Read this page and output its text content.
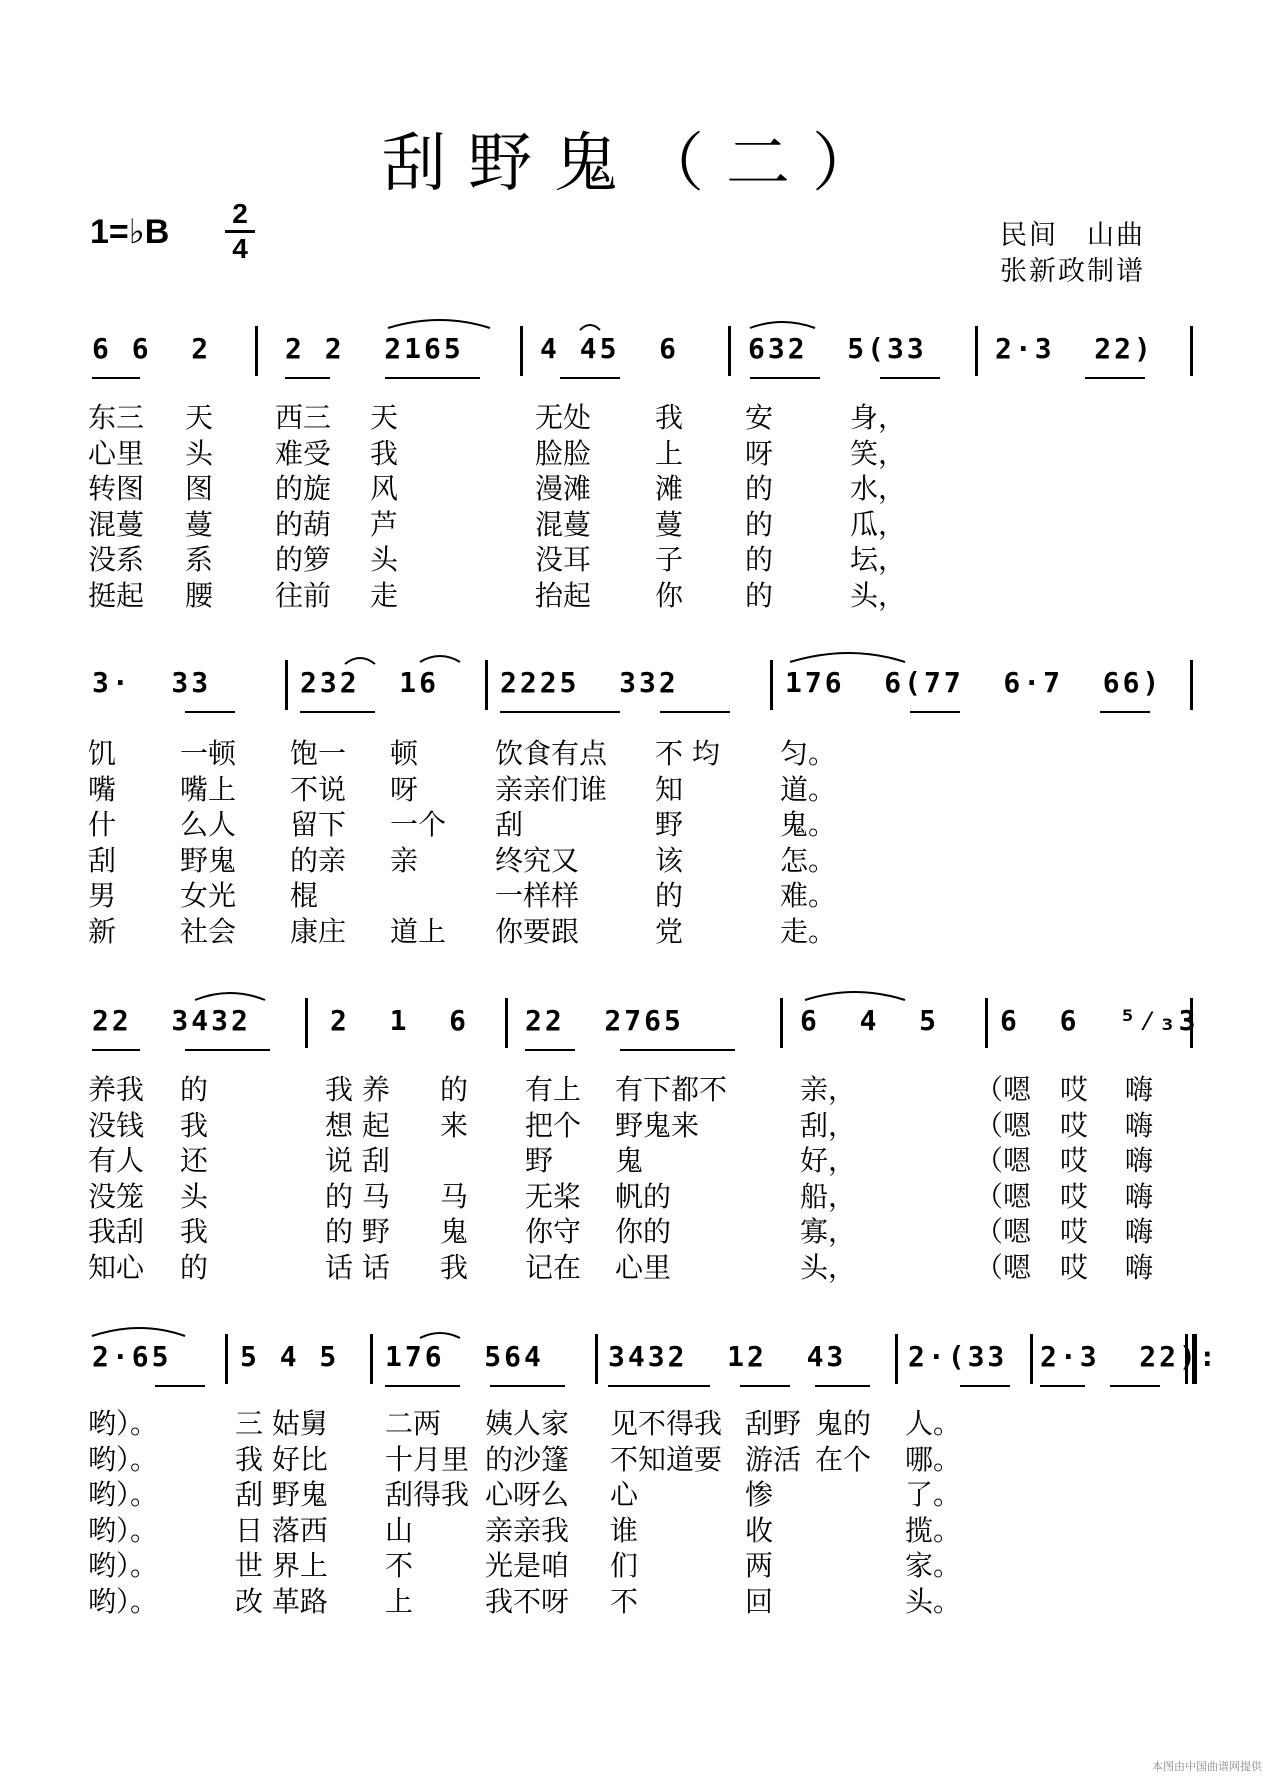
刮野鬼（二）
1=♭B 2
4	民间　山曲
张新政制谱
6 6  2	2 2  2165	4 45  6 632  5(33 2·3  22)

东三 天 西三 天	无处 我 安	身，

心里 头 难受 我	脸脸 上 呀	笑，

转图 图 的旋 风	漫滩 滩 的	水，

混蔓 蔓 的葫 芦	混蔓 蔓 的	瓜，

没系 系 的箩 头	没耳 子 的	坛，

挺起 腰 往前 走	抬起 你 的	头，

3·  33	232  16 2225  332	176  6(77  6·7  66)

饥 一顿 饱一 顿	饮食有点 不 均 匀。

嘴 嘴上 不说 呀	亲亲们谁 知	道。

什 么人 留下 一个 刮	野	鬼。

刮 野鬼 的亲 亲	终究又	该	怎。

男 女光 棍	一样样	的	难。

新 社会 康庄 道上 你要跟	党	走。

22  3432	2  1  6 22  2765	6  4  5 6  6  ⁵⁄₃3

养我 的	我 养 的 有上 有下都不	亲，	（嗯 哎 嗨

没钱 我	想 起 来 把个 野鬼来	刮，	（嗯 哎 嗨

有人 还	说 刮	野 鬼	好，	（嗯 哎 嗨

没笼 头	的 马 马 无桨 帆的	船，	（嗯 哎 嗨

我刮 我	的 野 鬼 你守 你的	寡，	（嗯 哎 嗨

知心 的	话 话 我 记在 心里	头，	（嗯 哎 嗨

2·65 5 4 5 176  564 3432  12  43 2·(33 2·3  22):

哟）。	三 姑舅 二两 姨人家 见不得我 刮野 鬼的 人。

哟）。	我 好比 十月里 的沙篷 不知道要 游活 在个 哪。

哟）。	刮 野鬼 刮得我 心呀么 心	惨	了。

哟）。	日 落西 山	亲亲我 谁	收	揽。

哟）。	世 界上 不	光是咱 们	两	家。

哟）。	改 革路 上	我不呀 不	回	头。

本图由中国曲谱网提供
